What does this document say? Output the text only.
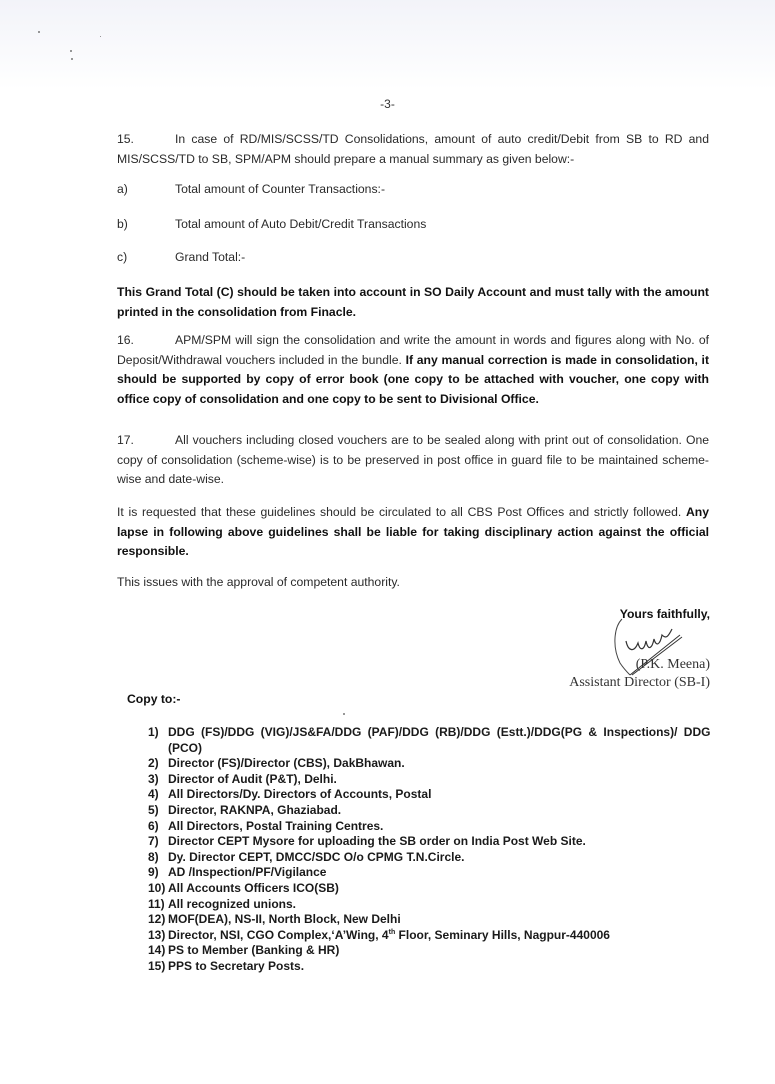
-3-

15.	In case of RD/MIS/SCSS/TD Consolidations, amount of auto credit/Debit from SB to RD and MIS/SCSS/TD to SB, SPM/APM should prepare a manual summary as given below:-

a)	Total amount of Counter Transactions:-
b)	Total amount of Auto Debit/Credit Transactions
c)	Grand Total:-

This Grand Total (C) should be taken into account in SO Daily Account and must tally with the amount printed in the consolidation from Finacle.

16.	APM/SPM will sign the consolidation and write the amount in words and figures along with No. of Deposit/Withdrawal vouchers included in the bundle. If any manual correction is made in consolidation, it should be supported by copy of error book (one copy to be attached with voucher, one copy with office copy of consolidation and one copy to be sent to Divisional Office.

17.	All vouchers including closed vouchers are to be sealed along with print out of consolidation. One copy of consolidation (scheme-wise) is to be preserved in post office in guard file to be maintained scheme-wise and date-wise.

It is requested that these guidelines should be circulated to all CBS Post Offices and strictly followed. Any lapse in following above guidelines shall be liable for taking disciplinary action against the official responsible.

This issues with the approval of competent authority.

Yours faithfully,
(P.K. Meena)
Assistant Director (SB-I)
Copy to:-
1) DDG (FS)/DDG (VIG)/JS&FA/DDG (PAF)/DDG (RB)/DDG (Estt.)/DDG(PG & Inspections)/ DDG (PCO)
2) Director (FS)/Director (CBS), DakBhawan.
3) Director of Audit (P&T), Delhi.
4) All Directors/Dy. Directors of Accounts, Postal
5) Director, RAKNPA, Ghaziabad.
6) All Directors, Postal Training Centres.
7) Director CEPT Mysore for uploading the SB order on India Post Web Site.
8) Dy. Director CEPT, DMCC/SDC O/o CPMG T.N.Circle.
9) AD /Inspection/PF/Vigilance
10) All Accounts Officers ICO(SB)
11) All recognized unions.
12) MOF(DEA), NS-II, North Block, New Delhi
13) Director, NSI, CGO Complex,‘A’Wing, 4th Floor, Seminary Hills, Nagpur-440006
14) PS to Member (Banking & HR)
15) PPS to Secretary Posts.
